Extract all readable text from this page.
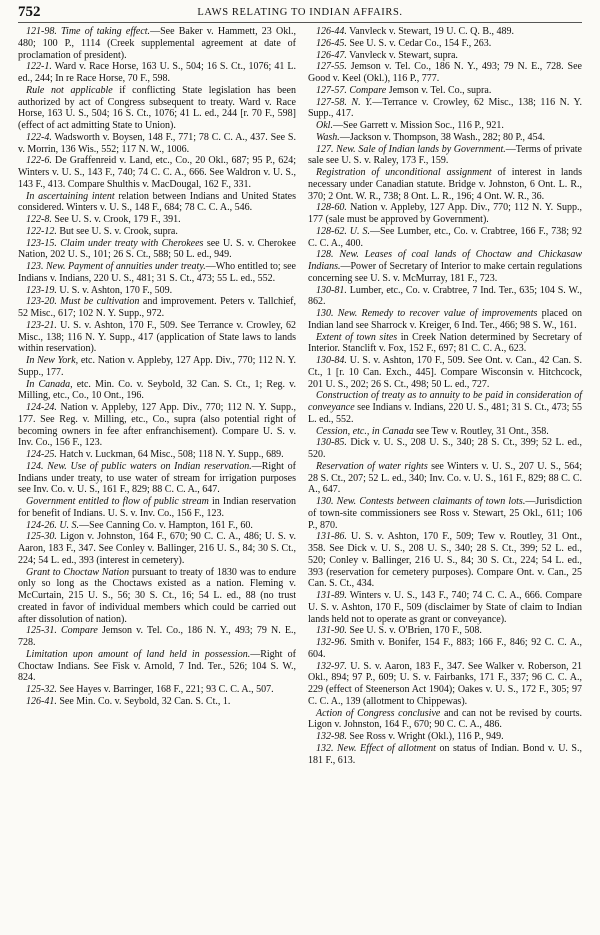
752	LAWS RELATING TO INDIAN AFFAIRS.

121-98. Time of taking effect.—See Baker v. Hammett, 23 Okl., 480; 100 P., 1114 (Creek supplemental agreement at date of proclamation of president).

122-1. Ward v. Race Horse, 163 U. S., 504; 16 S. Ct., 1076; 41 L. ed., 244; In re Race Horse, 70 F., 598.

Rule not applicable if conflicting State legislation has been authorized by act of Congress subsequent to treaty. Ward v. Race Horse, 163 U. S., 504; 16 S. Ct., 1076; 41 L. ed., 244 [r. 70 F., 598] (effect of act admitting State to Union).

122-4. Wadsworth v. Boysen, 148 F., 771; 78 C. C. A., 437. See S. v. Morrin, 136 Wis., 552; 117 N. W., 1006.

122-6. De Graffenreid v. Land, etc., Co., 20 Okl., 687; 95 P., 624; Winters v. U. S., 143 F., 740; 74 C. C. A., 666. See Waldron v. U. S., 143 F., 413. Compare Shulthis v. MacDougal, 162 F., 331.

In ascertaining intent relation between Indians and United States considered. Winters v. U. S., 148 F., 684; 78 C. C. A., 546.

122-8. See U. S. v. Crook, 179 F., 391.

122-12. But see U. S. v. Crook, supra.

123-15. Claim under treaty with Cherokees see U. S. v. Cherokee Nation, 202 U. S., 101; 26 S. Ct., 588; 50 L. ed., 949.

123. New. Payment of annuities under treaty.—Who entitled to; see Indians v. Indians, 220 U. S., 481; 31 S. Ct., 473; 55 L. ed., 552.

123-19. U. S. v. Ashton, 170 F., 509.

123-20. Must be cultivation and improvement. Peters v. Tallchief, 52 Misc., 617; 102 N. Y. Supp., 972.

123-21. U. S. v. Ashton, 170 F., 509. See Terrance v. Crowley, 62 Misc., 138; 116 N. Y. Supp., 417 (application of State laws to lands within reservation).

In New York, etc. Nation v. Appleby, 127 App. Div., 770; 112 N. Y. Supp., 177.

In Canada, etc. Min. Co. v. Seybold, 32 Can. S. Ct., 1; Reg. v. Milling, etc., Co., 10 Ont., 196.

124-24. Nation v. Appleby, 127 App. Div., 770; 112 N. Y. Supp., 177. See Reg. v. Milling, etc., Co., supra (also potential right of becoming owners in fee after enfranchisement). Compare U. S. v. Inv. Co., 156 F., 123.

124-25. Hatch v. Luckman, 64 Misc., 508; 118 N. Y. Supp., 689.

124. New. Use of public waters on Indian reservation.—Right of Indians under treaty, to use water of stream for irrigation purposes see Inv. Co. v. U. S., 161 F., 829; 88 C. C. A., 647.

Government entitled to flow of public stream in Indian reservation for benefit of Indians. U. S. v. Inv. Co., 156 F., 123.

124-26. U. S.—See Canning Co. v. Hampton, 161 F., 60.

125-30. Ligon v. Johnston, 164 F., 670; 90 C. C. A., 486; U. S. v. Aaron, 183 F., 347. See Conley v. Ballinger, 216 U. S., 84; 30 S. Ct., 224; 54 L. ed., 393 (interest in cemetery).

Grant to Choctaw Nation pursuant to treaty of 1830 was to endure only so long as the Choctaws existed as a nation. Fleming v. McCurtain, 215 U. S., 56; 30 S. Ct., 16; 54 L. ed., 88 (no trust created in favor of individual members which could be carried out after dissolution of nation).

125-31. Compare Jemson v. Tel. Co., 186 N. Y., 493; 79 N. E., 728.

Limitation upon amount of land held in possession.—Right of Choctaw Indians. See Fisk v. Arnold, 7 Ind. Ter., 526; 104 S. W., 824.

125-32. See Hayes v. Barringer, 168 F., 221; 93 C. C. A., 507.

126-41. See Min. Co. v. Seybold, 32 Can. S. Ct., 1.

126-44. Vanvleck v. Stewart, 19 U. C. Q. B., 489.

126-45. See U. S. v. Cedar Co., 154 F., 263.

126-47. Vanvleck v. Stewart, supra.

127-55. Jemson v. Tel. Co., 186 N. Y., 493; 79 N. E., 728. See Good v. Keel (Okl.), 116 P., 777.

127-57. Compare Jemson v. Tel. Co., supra.

127-58. N. Y.—Terrance v. Crowley, 62 Misc., 138; 116 N. Y. Supp., 417.

Okl.—See Garrett v. Mission Soc., 116 P., 921.

Wash.—Jackson v. Thompson, 38 Wash., 282; 80 P., 454.

127. New. Sale of Indian lands by Government.—Terms of private sale see U. S. v. Raley, 173 F., 159.

Registration of unconditional assignment of interest in lands necessary under Canadian statute. Bridge v. Johnston, 6 Ont. L. R., 370; 2 Ont. W. R., 738; 8 Ont. L. R., 196; 4 Ont. W. R., 36.

128-60. Nation v. Appleby, 127 App. Div., 770; 112 N. Y. Supp., 177 (sale must be approved by Government).

128-62. U. S.—See Lumber, etc., Co. v. Crabtree, 166 F., 738; 92 C. C. A., 400.

128. New. Leases of coal lands of Choctaw and Chickasaw Indians.—Power of Secretary of Interior to make certain regulations concerning see U. S. v. McMurray, 181 F., 723.

130-81. Lumber, etc., Co. v. Crabtree, 7 Ind. Ter., 635; 104 S. W., 862.

130. New. Remedy to recover value of improvements placed on Indian land see Sharrock v. Kreiger, 6 Ind. Ter., 466; 98 S. W., 161.

Extent of town sites in Creek Nation determined by Secretary of Interior. Stanclift v. Fox, 152 F., 697; 81 C. C. A., 623.

130-84. U. S. v. Ashton, 170 F., 509. See Ont. v. Can., 42 Can. S. Ct., 1 [r. 10 Can. Exch., 445]. Compare Wisconsin v. Hitchcock, 201 U. S., 202; 26 S. Ct., 498; 50 L. ed., 727.

Construction of treaty as to annuity to be paid in consideration of conveyance see Indians v. Indians, 220 U. S., 481; 31 S. Ct., 473; 55 L. ed., 552.

Cession, etc., in Canada see Tew v. Routley, 31 Ont., 358.

130-85. Dick v. U. S., 208 U. S., 340; 28 S. Ct., 399; 52 L. ed., 520.

Reservation of water rights see Winters v. U. S., 207 U. S., 564; 28 S. Ct., 207; 52 L. ed., 340; Inv. Co. v. U. S., 161 F., 829; 88 C. C. A., 647.

130. New. Contests between claimants of town lots.—Jurisdiction of town-site commissioners see Ross v. Stewart, 25 Okl., 611; 106 P., 870.

131-86. U. S. v. Ashton, 170 F., 509; Tew v. Routley, 31 Ont., 358. See Dick v. U. S., 208 U. S., 340; 28 S. Ct., 399; 52 L. ed., 520; Conley v. Ballinger, 216 U. S., 84; 30 S. Ct., 224; 54 L. ed., 393 (reservation for cemetery purposes). Compare Ont. v. Can., 25 Can. S. Ct., 434.

131-89. Winters v. U. S., 143 F., 740; 74 C. C. A., 666. Compare U. S. v. Ashton, 170 F., 509 (disclaimer by State of claim to Indian lands held not to operate as grant or conveyance).

131-90. See U. S. v. O'Brien, 170 F., 508.

132-96. Smith v. Bonifer, 154 F., 883; 166 F., 846; 92 C. C. A., 604.

132-97. U. S. v. Aaron, 183 F., 347. See Walker v. Roberson, 21 Okl., 894; 97 P., 609; U. S. v. Fairbanks, 171 F., 337; 96 C. C. A., 229 (effect of Steenerson Act 1904); Oakes v. U. S., 172 F., 305; 97 C. C. A., 139 (allotment to Chippewas).

Action of Congress conclusive and can not be revised by courts. Ligon v. Johnston, 164 F., 670; 90 C. C. A., 486.

132-98. See Ross v. Wright (Okl.), 116 P., 949.

132. New. Effect of allotment on status of Indian. Bond v. U. S., 181 F., 613.
